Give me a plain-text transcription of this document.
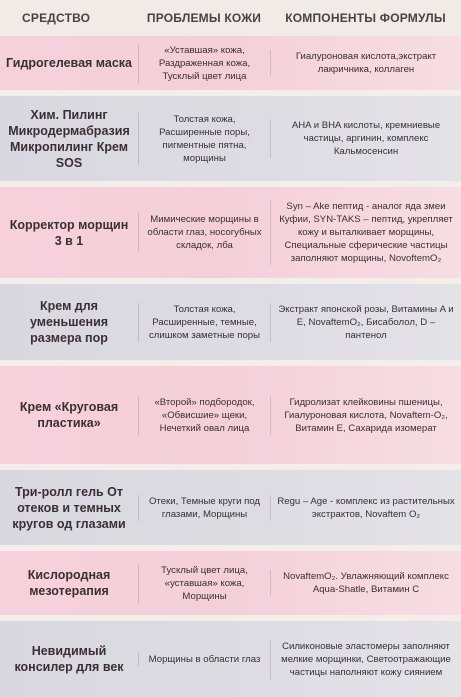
СРЕДСТВО	ПРОБЛЕМЫ КОЖИ	КОМПОНЕНТЫ ФОРМУЛЫ
Гидрогелевая маска
«Уставшая» кожа, Раздраженная кожа, Тусклый цвет лица
Гиалуроновая кислота,экстракт лакричника, коллаген
Хим. Пилинг Микродермабразия Микропилинг Крем SOS
Толстая кожа, Расширенные поры, пигментные пятна, морщины
AHA и BHA кислоты, кремниевые частицы, аргинин, комплекс Кальмосенсин
Корректор морщин 3 в 1
Мимические морщины в области глаз, носогубных складок, лба
Syn – Ake пептид - аналог яда змеи Куфии, SYN-TAKS – пептид, укрепляет кожу и выталкивает морщины, Специальные сферические частицы заполняют морщины, NovoftemO₂
Крем для уменьшения размера пор
Толстая кожа, Расширенные, темные, слишком заметные поры
Экстракт японской розы, Витамины A и E, NovaftemO₂, Бисаболол, D – пантенол
Крем «Круговая пластика»
«Второй» подбородок, «Обвисшие» щеки, Нечеткий овал лица
Гидролизат клейковины пшеницы, Гиалуроновая кислота, Novaftem-O₂, Витамин E, Сахарида изомерат
Три-ролл гель От отеков и темных кругов од глазами
Отеки, Темные круги под глазами, Морщины
Regu – Age - комплекс из растительных экстрактов, Novaftem O₂
Кислородная мезотерапия
Тусклый цвет лица, «уставшая» кожа, Морщины
NovaftemO₂. Увлажняющий комплекс Aqua-Shatle, Витамин C
Невидимый консилер для век
Морщины в области глаз
Силиконовые эластомеры заполняют мелкие морщинки, Светоотражающие частицы наполняют кожу сиянием
